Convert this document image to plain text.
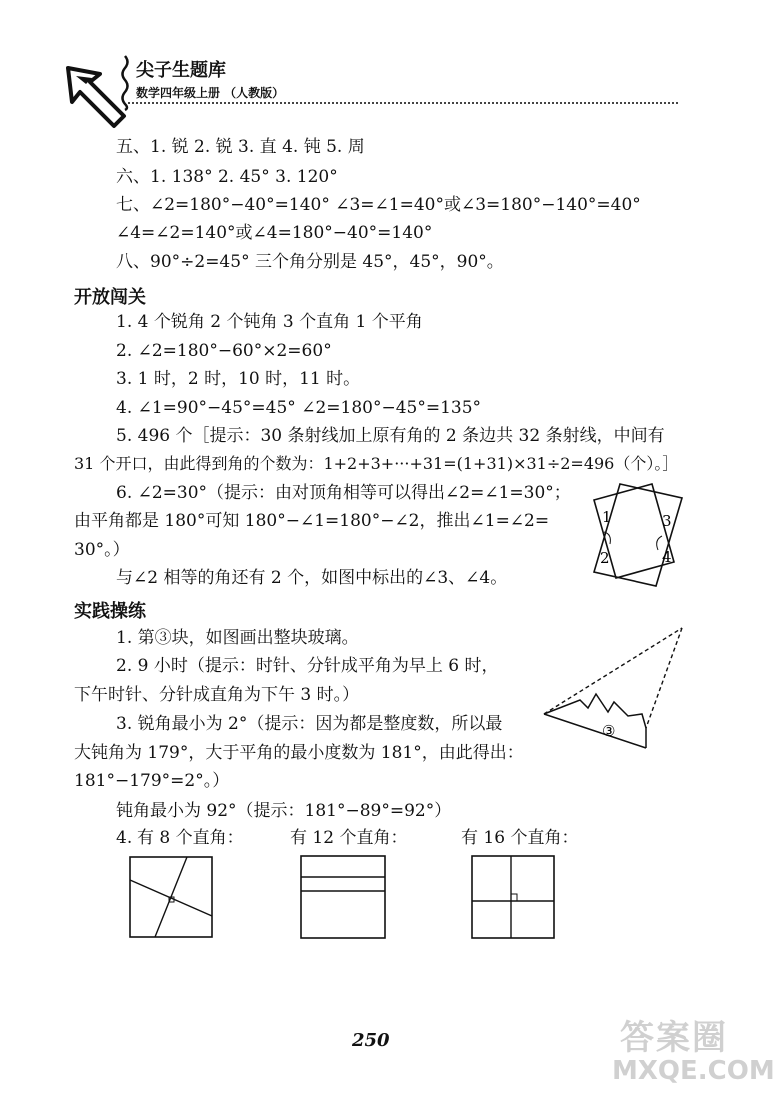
尖子生题库
数学四年级上册 （人教版）
五、1. 锐 2. 锐 3. 直 4. 钝 5. 周
六、1. 138° 2. 45° 3. 120°
七、∠2=180°−40°=140° ∠3=∠1=40°或∠3=180°−140°=40°
∠4=∠2=140°或∠4=180°−40°=140°
八、90°÷2=45° 三个角分别是 45°，45°，90°。
开放闯关
1. 4 个锐角 2 个钝角 3 个直角 1 个平角
2. ∠2=180°−60°×2=60°
3. 1 时，2 时，10 时，11 时。
4. ∠1=90°−45°=45° ∠2=180°−45°=135°
5. 496 个［提示：30 条射线加上原有角的 2 条边共 32 条射线，中间有
31 个开口，由此得到角的个数为：1+2+3+···+31=(1+31)×31÷2=496（个）。］
6. ∠2=30°（提示：由对顶角相等可以得出∠2=∠1=30°；
由平角都是 180°可知 180°−∠1=180°−∠2，推出∠1=∠2=
30°。）
与∠2 相等的角还有 2 个，如图中标出的∠3、∠4。
1	3
2	4
实践操练
1. 第③块，如图画出整块玻璃。
2. 9 小时（提示：时针、分针成平角为早上 6 时，
下午时针、分针成直角为下午 3 时。）
3. 锐角最小为 2°（提示：因为都是整度数，所以最
大钝角为 179°，大于平角的最小度数为 181°，由此得出：
181°−179°=2°。）
钝角最小为 92°（提示：181°−89°=92°）
③
4. 有 8 个直角：	有 12 个直角：	有 16 个直角：
250	答案圈
MXQE.COM
